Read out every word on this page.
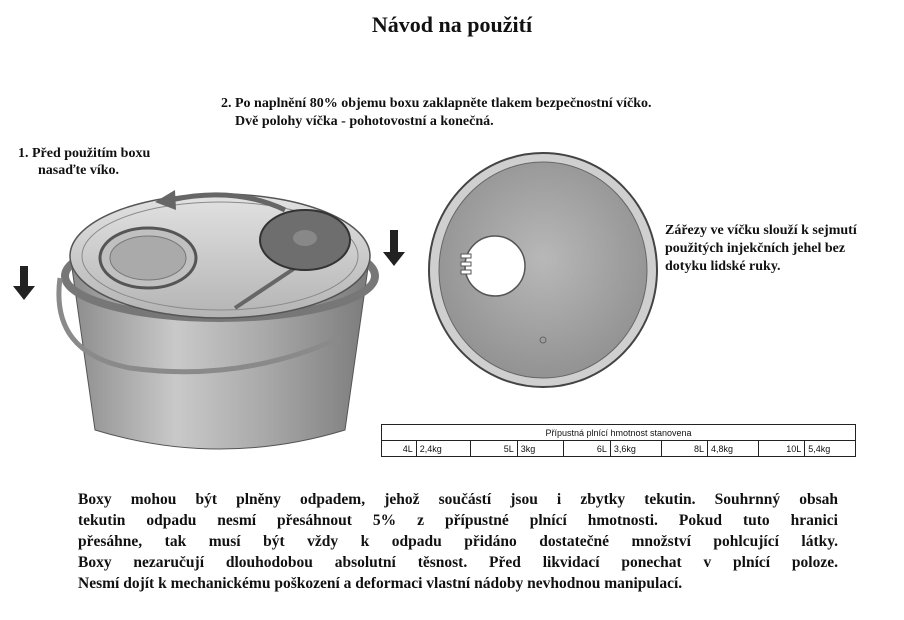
Návod na použití
1. Před použitím boxu
nasaďte víko.
2. Po naplnění 80% objemu boxu zaklapněte tlakem bezpečnostní víčko.
Dvě polohy víčka - pohotovostní a konečná.
Zářezy ve víčku slouží k sejmutí
použitých injekčních jehel bez
dotyku lidské ruky.
Přípustná plnící hmotnost stanovena
4L	2,4kg	5L	3kg	6L	3,6kg	8L	4,8kg	10L	5,4kg
Boxy mohou být plněny odpadem, jehož součástí jsou i zbytky tekutin. Souhrnný obsah
tekutin odpadu nesmí přesáhnout 5% z přípustné plnící hmotnosti. Pokud tuto hranici
přesáhne, tak musí být vždy k odpadu přidáno dostatečné množství pohlcující látky.
Boxy nezaručují dlouhodobou absolutní těsnost. Před likvidací ponechat v plnící poloze.
Nesmí dojít k mechanickému poškození a deformaci vlastní nádoby nevhodnou manipulací.
